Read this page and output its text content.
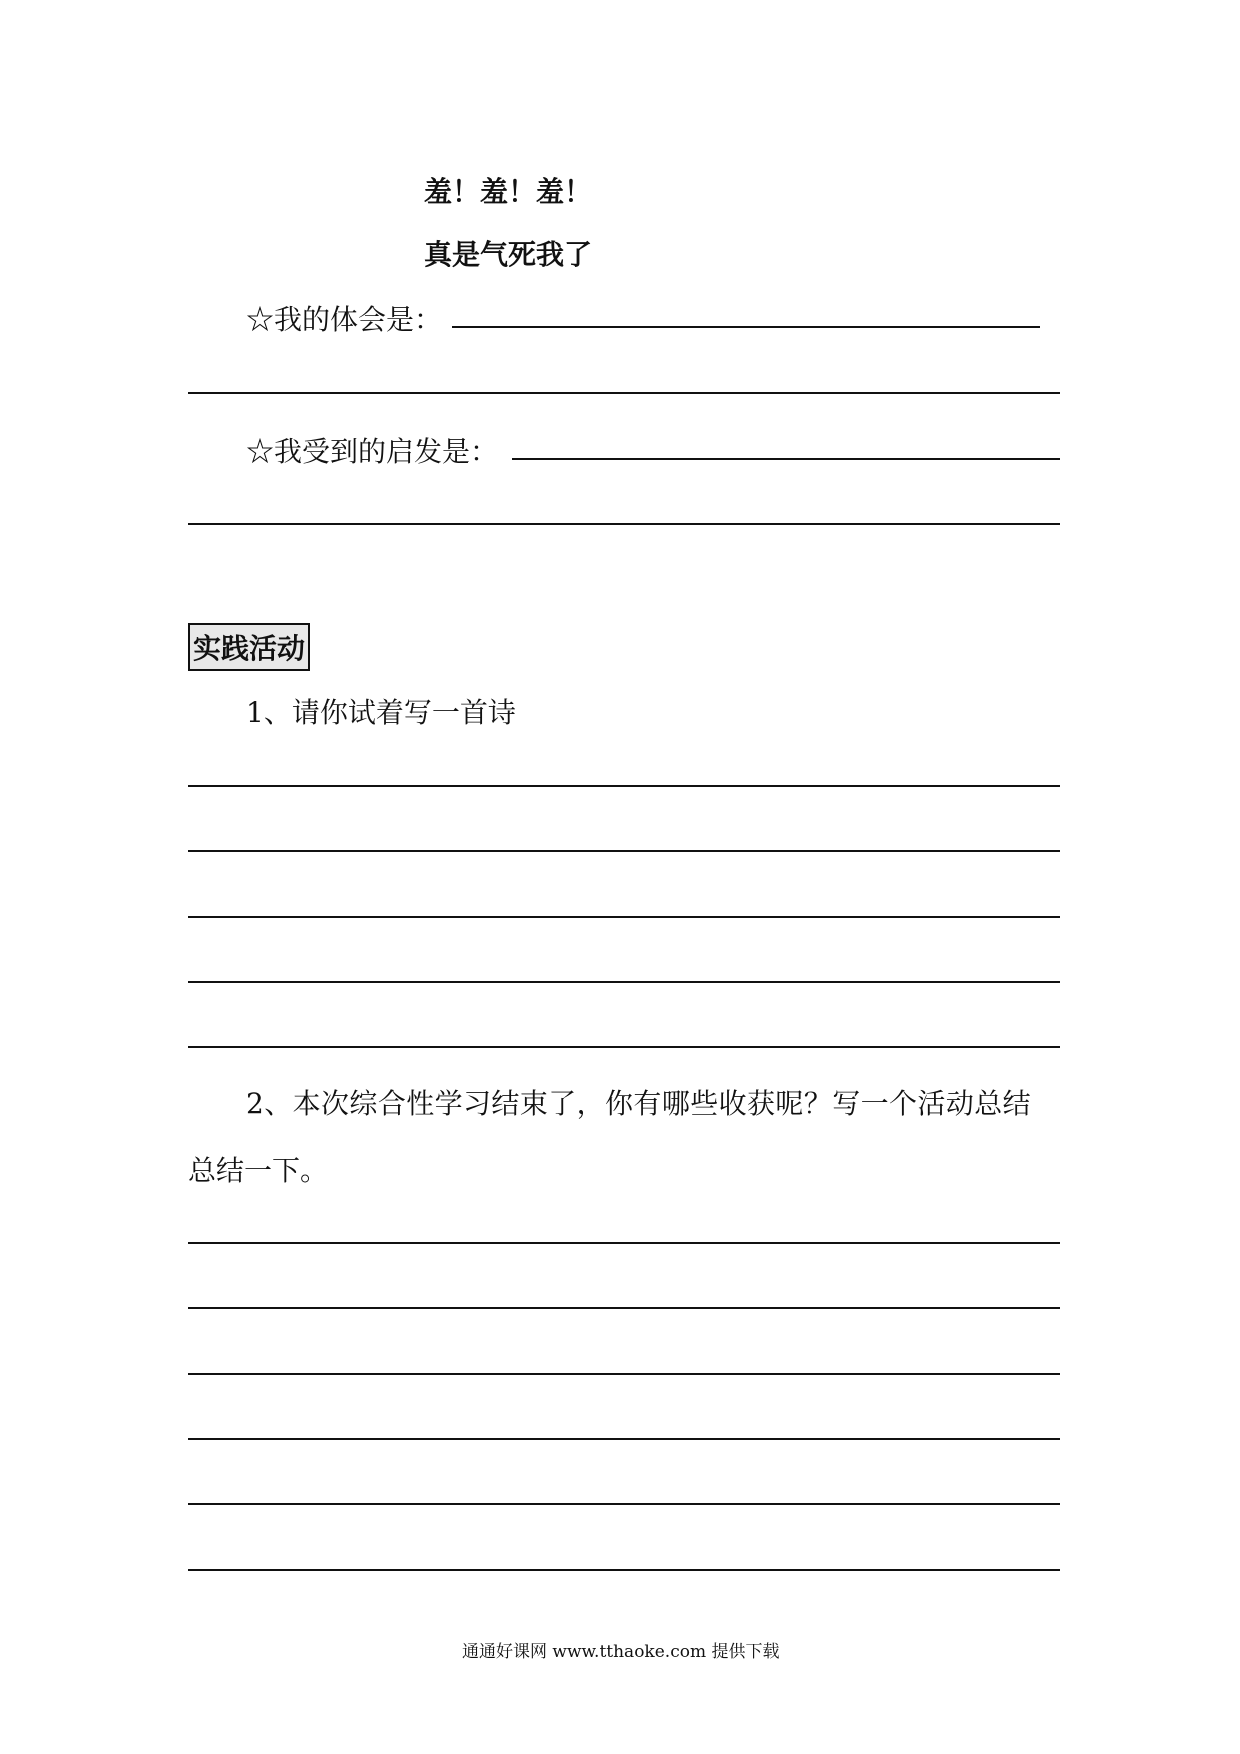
羞！羞！羞！
真是气死我了
☆我的体会是：
☆我受到的启发是：
实践活动
1、请你试着写一首诗
2、本次综合性学习结束了，你有哪些收获呢？写一个活动总结
总结一下。
通通好课网 www.tthaoke.com 提供下载
